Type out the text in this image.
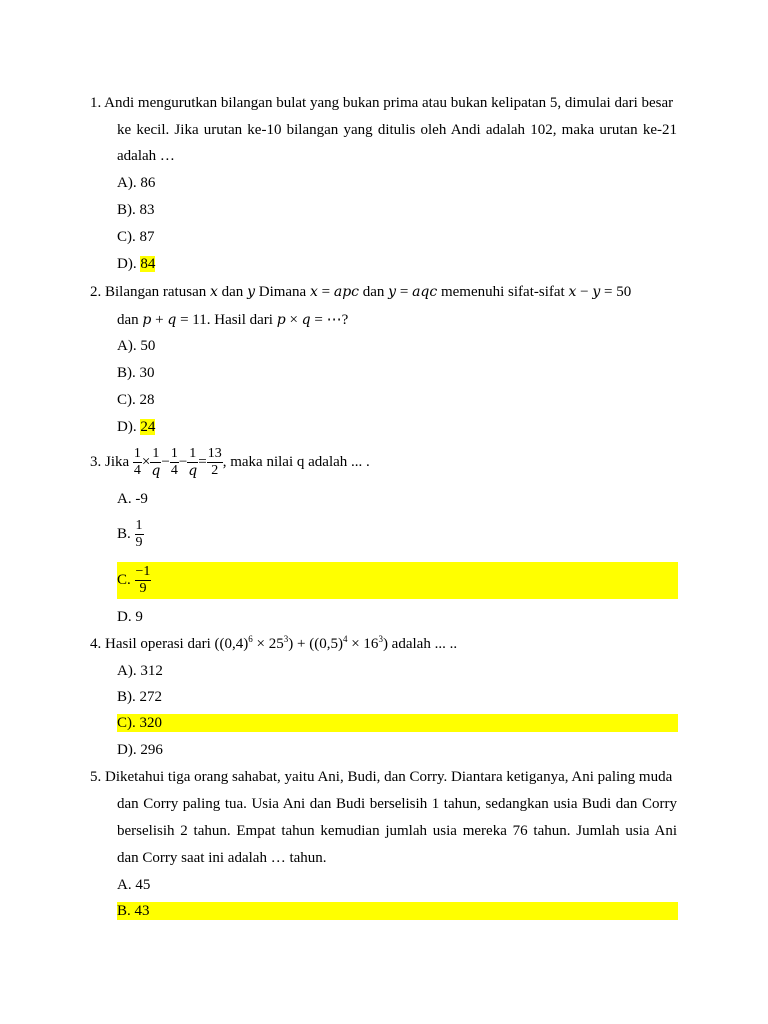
1. Andi mengurutkan bilangan bulat yang bukan prima atau bukan kelipatan 5, dimulai dari besar
ke kecil. Jika urutan ke-10 bilangan yang ditulis oleh Andi adalah 102, maka urutan ke-21
adalah …
A). 86
B). 83
C). 87
D). 84
2. Bilangan ratusan x dan y Dimana x = apc dan y = aqc memenuhi sifat-sifat x − y = 50
dan p + q = 11. Hasil dari p × q = ⋯?
A). 50
B). 30
C). 28
D). 24
3. Jika $\frac{1}{4} \times \frac{1}{q} - \frac{1}{4} - \frac{1}{q} = \frac{13}{2}$ , maka nilai q adalah ... .
A. -9
B. $\frac{1}{9}$
C. $\frac{-1}{9}$
D. 9
4. Hasil operasi dari $((0,4)^6 \times 25^3) + ((0,5)^4 \times 16^3)$ adalah ... ..
A). 312
B). 272
C). 320
D). 296
5. Diketahui tiga orang sahabat, yaitu Ani, Budi, dan Corry. Diantara ketiganya, Ani paling muda
dan Corry paling tua. Usia Ani dan Budi berselisih 1 tahun, sedangkan usia Budi dan Corry
berselisih 2 tahun. Empat tahun kemudian jumlah usia mereka 76 tahun. Jumlah usia Ani
dan Corry saat ini adalah … tahun.
A. 45
B. 43
